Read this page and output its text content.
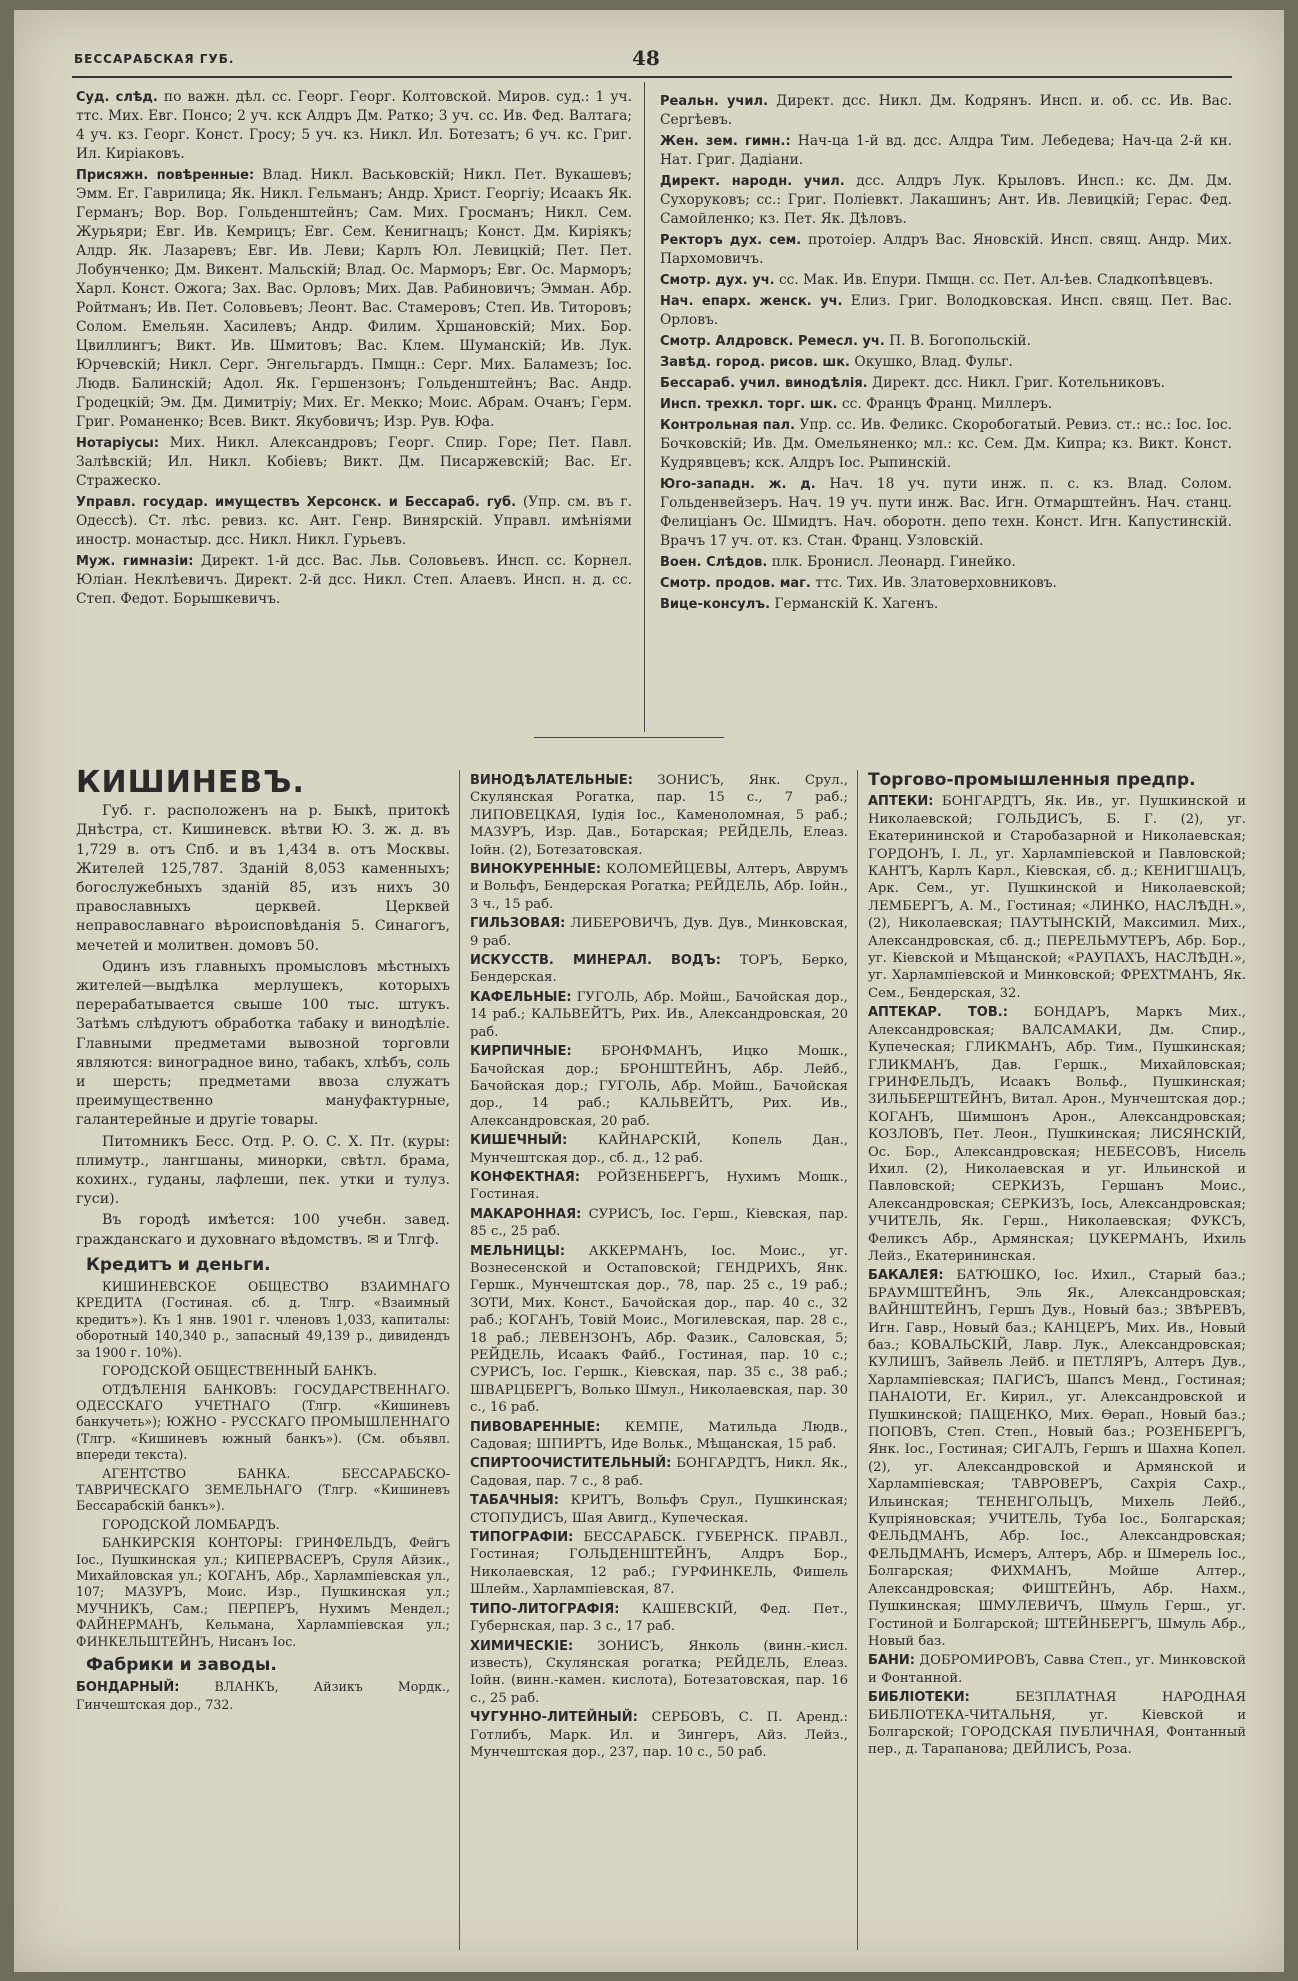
БЕССАРАБСКАЯ ГУБ.	48

Суд. слѣд. по важн. дѣл. сс. Георг. Георг. Колтовской. Миров. суд.: 1 уч. ттс. Мих. Евг. Понсо; 2 уч. кск Алдръ Дм. Ратко; 3 уч. сс. Ив. Фед. Валтага; 4 уч. кз. Георг. Конст. Гросу; 5 уч. кз. Никл. Ил. Ботезатъ; 6 уч. кс. Григ. Ил. Кирiаковъ.

Присяжн. повѣренные: Влад. Никл. Васьковскiй; Никл. Пет. Вукашевъ; Эмм. Ег. Гаврилица; Як. Никл. Гельманъ; Андр. Христ. Георгiу; Исаакъ Як. Германъ; Вор. Вор. Гольденштейнъ; Сам. Мих. Гросманъ; Никл. Сем. Журьяри; Евг. Ив. Кемрицъ; Евг. Сем. Кенигнацъ; Конст. Дм. Кирiякъ; Алдр. Як. Лазаревъ; Евг. Ив. Леви; Карлъ Юл. Левицкiй; Пет. Пет. Лобунченко; Дм. Викент. Мальскiй; Влад. Ос. Марморъ; Евг. Ос. Марморъ; Харл. Конст. Ожога; Зах. Вас. Орловъ; Мих. Дав. Рабиновичъ; Эмман. Абр. Ройтманъ; Ив. Пет. Соловьевъ; Леонт. Вас. Стамеровъ; Степ. Ив. Титоровъ; Солом. Емельян. Хасилевъ; Андр. Филим. Хршановскiй; Мих. Бор. Цвиллингъ; Викт. Ив. Шмитовъ; Вас. Клем. Шуманскiй; Ив. Лук. Юрчевскiй; Никл. Серг. Энгельгардъ. Пмщн.: Серг. Мих. Баламезъ; Iос. Людв. Балинскiй; Адол. Як. Гершензонъ; Гольденштейнъ; Вас. Андр. Гродецкiй; Эм. Дм. Димитрiу; Мих. Ег. Мекко; Моис. Абрам. Очанъ; Герм. Григ. Романенко; Всев. Викт. Якубовичъ; Изр. Рув. Юфа.

Нотарiусы: Мих. Никл. Александровъ; Георг. Спир. Горе; Пет. Павл. Залѣвскiй; Ил. Никл. Кобiевъ; Викт. Дм. Писаржевскiй; Вас. Ег. Стражеско.

Управл. государ. имуществъ Херсонск. и Бессараб. губ. (Упр. см. въ г. Одессѣ). Ст. лѣс. ревиз. кс. Ант. Генр. Винярскiй. Управл. имѣнiями иностр. монастыр. дсс. Никл. Никл. Гурьевъ.

Муж. гимназiи: Директ. 1-й дсс. Вас. Льв. Соловьевъ. Инсп. сс. Корнел. Юлiан. Неклѣевичъ. Директ. 2-й дсс. Никл. Степ. Алаевъ. Инсп. н. д. сс. Степ. Федот. Борышкевичъ.

Реальн. учил. Директ. дсс. Никл. Дм. Кодрянъ. Инсп. и. об. сс. Ив. Вас. Сергѣевъ.

Жен. зем. гимн.: Нач-ца 1-й вд. дсс. Алдра Тим. Лебедева; Нач-ца 2-й кн. Нат. Григ. Дадiани.

Директ. народн. учил. дсс. Алдръ Лук. Крыловъ. Инсп.: кс. Дм. Дм. Сухоруковъ; сс.: Григ. Полiевкт. Лакашинъ; Ант. Ив. Левицкiй; Герас. Фед. Самойленко; кз. Пет. Як. Дѣловъ.

Ректоръ дух. сем. протоiер. Алдръ Вас. Яновскiй. Инсп. свящ. Андр. Мих. Пархомовичъ.

Смотр. дух. уч. сс. Мак. Ив. Епури. Пмщн. сс. Пет. Ал-ѣев. Сладкопѣвцевъ.

Нач. епарх. женск. уч. Елиз. Григ. Володковская. Инсп. свящ. Пет. Вас. Орловъ.

Смотр. Алдровск. Ремесл. уч. П. В. Богопольскiй.

Завѣд. город. рисов. шк. Окушко, Влад. Фульг.

Бессараб. учил. винодѣлiя. Директ. дсс. Никл. Григ. Котельниковъ.

Инсп. трехкл. торг. шк. сс. Францъ Франц. Миллеръ.

Контрольная пал. Упр. сс. Ив. Феликс. Скоробогатый. Ревиз. ст.: нс.: Iос. Iос. Бочковскiй; Ив. Дм. Омельяненко; мл.: кс. Сем. Дм. Кипра; кз. Викт. Конст. Кудрявцевъ; кск. Алдръ Iос. Рыпинскiй.

Юго-западн. ж. д. Нач. 18 уч. пути инж. п. с. кз. Влад. Солом. Гольденвейзеръ. Нач. 19 уч. пути инж. Вас. Игн. Отмарштейнъ. Нач. станц. Фелицiанъ Ос. Шмидтъ. Нач. оборотн. депо техн. Конст. Игн. Капустинскiй. Врачъ 17 уч. от. кз. Стан. Франц. Узловскiй.

Воен. Слѣдов. плк. Бронисл. Леонард. Гинейко.

Смотр. продов. маг. ттс. Тих. Ив. Златоверховниковъ.

Вице-консулъ. Германскiй К. Хагенъ.

КИШИНЕВЪ.

Губ. г. расположенъ на р. Быкѣ, притокѣ Днѣстра, ст. Кишиневск. вѣтви Ю. З. ж. д. въ 1,729 в. отъ Спб. и въ 1,434 в. отъ Москвы. Жителей 125,787. Зданiй 8,053 каменныхъ; богослужебныхъ зданiй 85, изъ нихъ 30 православныхъ церквей. Церквей неправославнаго вѣроисповѣданiя 5. Синагогъ, мечетей и молитвен. домовъ 50.

Одинъ изъ главныхъ промысловъ мѣстныхъ жителей—выдѣлка мерлушекъ, которыхъ перерабатывается свыше 100 тыс. штукъ. Затѣмъ слѣдуютъ обработка табаку и винодѣлiе. Главными предметами вывозной торговли являются: виноградное вино, табакъ, хлѣбъ, соль и шерсть; предметами ввоза служатъ преимущественно мануфактурные, галантерейные и другiе товары.

Питомникъ Бесс. Отд. Р. О. С. Х. Пт. (куры: плимутр., лангшаны, минорки, свѣтл. брама, кохинх., гуданы, лафлеши, пек. утки и тулуз. гуси).

Въ городѣ имѣется: 100 учебн. завед. гражданскаго и духовнаго вѣдомствъ. ✉ и Тлгф.

Кредитъ и деньги.

КИШИНЕВСКОЕ ОБЩЕСТВО ВЗАИМНАГО КРЕДИТА (Гостиная. сб. д. Тлгр. «Взаимный кредитъ»). Къ 1 янв. 1901 г. членовъ 1,033, капиталы: оборотный 140,340 р., запасный 49,139 р., дивидендъ за 1900 г. 10%).

ГОРОДСКОЙ ОБЩЕСТВЕННЫЙ БАНКЪ.

ОТДѢЛЕНIЯ БАНКОВЪ: ГОСУДАРСТВЕННАГО. ОДЕССКАГО УЧЕТНАГО (Тлгр. «Кишиневъ банкучеть»); ЮЖНО - РУССКАГО ПРОМЫШЛЕННАГО (Тлгр. «Кишиневъ южный банкъ»). (См. объявл. впереди текста).

АГЕНТСТВО БАНКА. БЕССАРАБСКО-ТАВРИЧЕСКАГО ЗЕМЕЛЬНАГО (Тлгр. «Кишиневъ Бессарабскiй банкъ»).

ГОРОДСКОЙ ЛОМБАРДЪ.

БАНКИРСКIЯ КОНТОРЫ: ГРИНФЕЛЬДЪ, Фейгъ Iос., Пушкинская ул.; КИПЕРВАСЕРЪ, Сруля Айзик., Михайловская ул.; КОГАНЪ, Абр., Харлампiевская ул., 107; МАЗУРЪ, Моис. Изр., Пушкинская ул.; МУЧНИКЪ, Сам.; ПЕРПЕРЪ, Нухимъ Мендел.; ФАЙНЕРМАНЪ, Кельмана, Харлампiевская ул.; ФИНКЕЛЬШТЕЙНЪ, Нисанъ Iос.

Фабрики и заводы.

БОНДАРНЫЙ:	ВЛАНКЪ, Айзикъ Мордк., Гинчештская дор., 732.

ВИНОДѢЛАТЕЛЬНЫЕ: ЗОНИСЪ, Янк. Срул., Скулянская Рогатка, пар. 15 с., 7 раб.; ЛИПОВЕЦКАЯ, Iудiя Iос., Каменоломная, 5 раб.; МАЗУРЪ, Изр. Дав., Ботарская; РЕЙДЕЛЬ, Елеаз. Iойн. (2), Ботезатовская.

ВИНОКУРЕННЫЕ: КОЛОМЕЙЦЕВЫ, Алтеръ, Аврумъ и Вольфъ, Бендерская Рогатка; РЕЙДЕЛЬ, Абр. Iойн., 3 ч., 15 раб.

ГИЛЬЗОВАЯ: ЛИБЕРОВИЧЪ, Дув. Дув., Минковская, 9 раб.

ИСКУССТВ. МИНЕРАЛ. ВОДЪ: ТОРЪ, Берко, Бендерская.

КАФЕЛЬНЫЕ: ГУГОЛЬ, Абр. Мойш., Бачойская дор., 14 раб.; КАЛЬВЕЙТЪ, Рих. Ив., Александровская, 20 раб.

КИРПИЧНЫЕ: БРОНФМАНЪ, Ицко Мошк., Бачойская дор.; БРОНШТЕЙНЪ, Абр. Лейб., Бачойская дор.; ГУГОЛЬ, Абр. Мойш., Бачойская дор., 14 раб.; КАЛЬВЕЙТЪ, Рих. Ив., Александровская, 20 раб.

КИШЕЧНЫЙ: КАЙНАРСКIЙ, Копель Дан., Мунчештская дор., сб. д., 12 раб.

КОНФЕКТНАЯ: РОЙЗЕНБЕРГЪ, Нухимъ Мошк., Гостиная.

МАКАРОННАЯ: СУРИСЪ, Iос. Герш., Кiевская, пар. 85 с., 25 раб.

МЕЛЬНИЦЫ: АККЕРМАНЪ, Iос. Моис., уг. Вознесенской и Остаповской; ГЕНДРИХЪ, Янк. Гершк., Мунчештская дор., 78, пар. 25 с., 19 раб.; ЗОТИ, Мих. Конст., Бачойская дор., пар. 40 с., 32 раб.; КОГАНЪ, Товiй Моис., Могилевская, пар. 28 с., 18 раб.; ЛЕВЕНЗОНЪ, Абр. Фазик., Саловская, 5; РЕЙДЕЛЬ, Исаакъ Файб., Гостиная, пар. 10 с.; СУРИСЪ, Iос. Гершк., Кiевская, пар. 35 с., 38 раб.; ШВАРЦБЕРГЪ, Волько Шмул., Николаевская, пар. 30 с., 16 раб.

ПИВОВАРЕННЫЕ: КЕМПЕ, Матильда Людв., Садовая; ШПИРТЪ, Иде Вольк., Мѣщанская, 15 раб.

СПИРТООЧИСТИТЕЛЬНЫЙ: БОНГАРДТЪ, Никл. Як., Садовая, пар. 7 с., 8 раб.

ТАБАЧНЫЯ: КРИТЪ, Вольфъ Срул., Пушкинская; СТОПУДИСЪ, Шая Авигд., Купеческая.

ТИПОГРАФIИ: БЕССАРАБСК. ГУБЕРНСК. ПРАВЛ., Гостиная; ГОЛЬДЕНШТЕЙНЪ, Алдръ Бор., Николаевская, 12 раб.; ГУРФИНКЕЛЬ, Фишель Шлейм., Харлампiевская, 87.

ТИПО-ЛИТОГРАФIЯ: КАШЕВСКIЙ, Фед. Пет., Губернская, пар. 3 с., 17 раб.

ХИМИЧЕСКIЕ: ЗОНИСЪ, Янколь (винн.-кисл. известь), Скулянская рогатка; РЕЙДЕЛЬ, Елеаз. Iойн. (винн.-камен. кислота), Ботезатовская, пар. 16 с., 25 раб.

ЧУГУННО-ЛИТЕЙНЫЙ: СЕРБОВЪ, С. П. Аренд.: Готлибъ, Марк. Ил. и Зингеръ, Айз. Лейз., Мунчештская дор., 237, пар. 10 с., 50 раб.

Торгово-промышленныя предпр.

АПТЕКИ: БОНГАРДТЪ, Як. Ив., уг. Пушкинской и Николаевской; ГОЛЬДИСЪ, Б. Г. (2), уг. Екатерининской и Старобазарной и Николаевская; ГОРДОНЪ, I. Л., уг. Харлампiевской и Павловской; КАНТЪ, Карлъ Карл., Кiевская, сб. д.; КЕНИГШАЦЪ, Арк. Сем., уг. Пушкинской и Николаевской; ЛЕМБЕРГЪ, А. М., Гостиная; «ЛИНКО, НАСЛѢДН.», (2), Николаевская; ПАУТЫНСКIЙ, Максимил. Мих., Александровская, сб. д.; ПЕРЕЛЬМУТЕРЪ, Абр. Бор., уг. Кiевской и Мѣщанской; «РАУПАХЪ, НАСЛѢДН.», уг. Харлампiевской и Минковской; ФРЕХТМАНЪ, Як. Сем., Бендерская, 32.

АПТЕКАР. ТОВ.: БОНДАРЪ, Маркъ Мих., Александровская; ВАЛСАМАКИ, Дм. Спир., Купеческая; ГЛИКМАНЪ, Абр. Тим., Пушкинская; ГЛИКМАНЪ, Дав. Гершк., Михайловская; ГРИНФЕЛЬДЪ, Исаакъ Вольф., Пушкинская; ЗИЛЬБЕРШТЕЙНЪ, Витал. Арон., Мунчештская дор.; КОГАНЪ, Шимшонъ Арон., Александровская; КОЗЛОВЪ, Пет. Леон., Пушкинская; ЛИСЯНСКIЙ, Ос. Бор., Александровская; НЕБЕСОВЪ, Нисель Ихил. (2), Николаевская и уг. Ильинской и Павловской; СЕРКИЗЪ, Гершанъ Моис., Александровская; СЕРКИЗЪ, Iось, Александровская; УЧИТЕЛЬ, Як. Герш., Николаевская; ФУКСЪ, Феликсъ Абр., Армянская; ЦУКЕРМАНЪ, Ихиль Лейз., Екатерининская.

БАКАЛЕЯ: БАТЮШКО, Iос. Ихил., Старый баз.; БРАУМШТЕЙНЪ, Эль Як., Александровская; ВАЙНШТЕЙНЪ, Гершъ Дув., Новый баз.; ЗВѢРЕВЪ, Игн. Гавр., Новый баз.; КАНЦЕРЪ, Мих. Ив., Новый баз.; КОВАЛЬСКIЙ, Лавр. Лук., Александровская; КУЛИШЪ, Зайвель Лейб. и ПЕТЛЯРЪ, Алтеръ Дув., Харлампiевская; ПАГИСЪ, Шапсъ Менд., Гостиная; ПАНАIОТИ, Ег. Кирил., уг. Александровской и Пушкинской; ПАЩЕНКО, Мих. Өерап., Новый баз.; ПОПОВЪ, Степ. Степ., Новый баз.; РОЗЕНБЕРГЪ, Янк. Iос., Гостиная; СИГАЛЪ, Гершъ и Шахна Копел. (2), уг. Александровской и Армянской и Харлампiевская; ТАВРОВЕРЪ, Сахрiя Сахр., Ильинская; ТЕНЕНГОЛЬЦЪ, Михель Лейб., Купрiяновская; УЧИТЕЛЬ, Туба Iос., Болгарская; ФЕЛЬДМАНЪ, Абр. Iос., Александровская; ФЕЛЬДМАНЪ, Исмеръ, Алтеръ, Абр. и Шмерель Iос., Болгарская; ФИХМАНЪ, Мойше Алтер., Александровская; ФИШТЕЙНЪ, Абр. Нахм., Пушкинская; ШМУЛЕВИЧЪ, Шмуль Герш., уг. Гостиной и Болгарской; ШТЕЙНБЕРГЪ, Шмуль Абр., Новый баз.

БАНИ: ДОБРОМИРОВЪ, Савва Степ., уг. Минковской и Фонтанной.

БИБЛIОТЕКИ:	БЕЗПЛАТНАЯ НАРОДНАЯ БИБЛIОТЕКА-ЧИТАЛЬНЯ, уг. Кiевской и Болгарской; ГОРОДСКАЯ ПУБЛИЧНАЯ, Фонтанный пер., д. Тарапанова; ДЕЙЛИСЪ, Роза.
